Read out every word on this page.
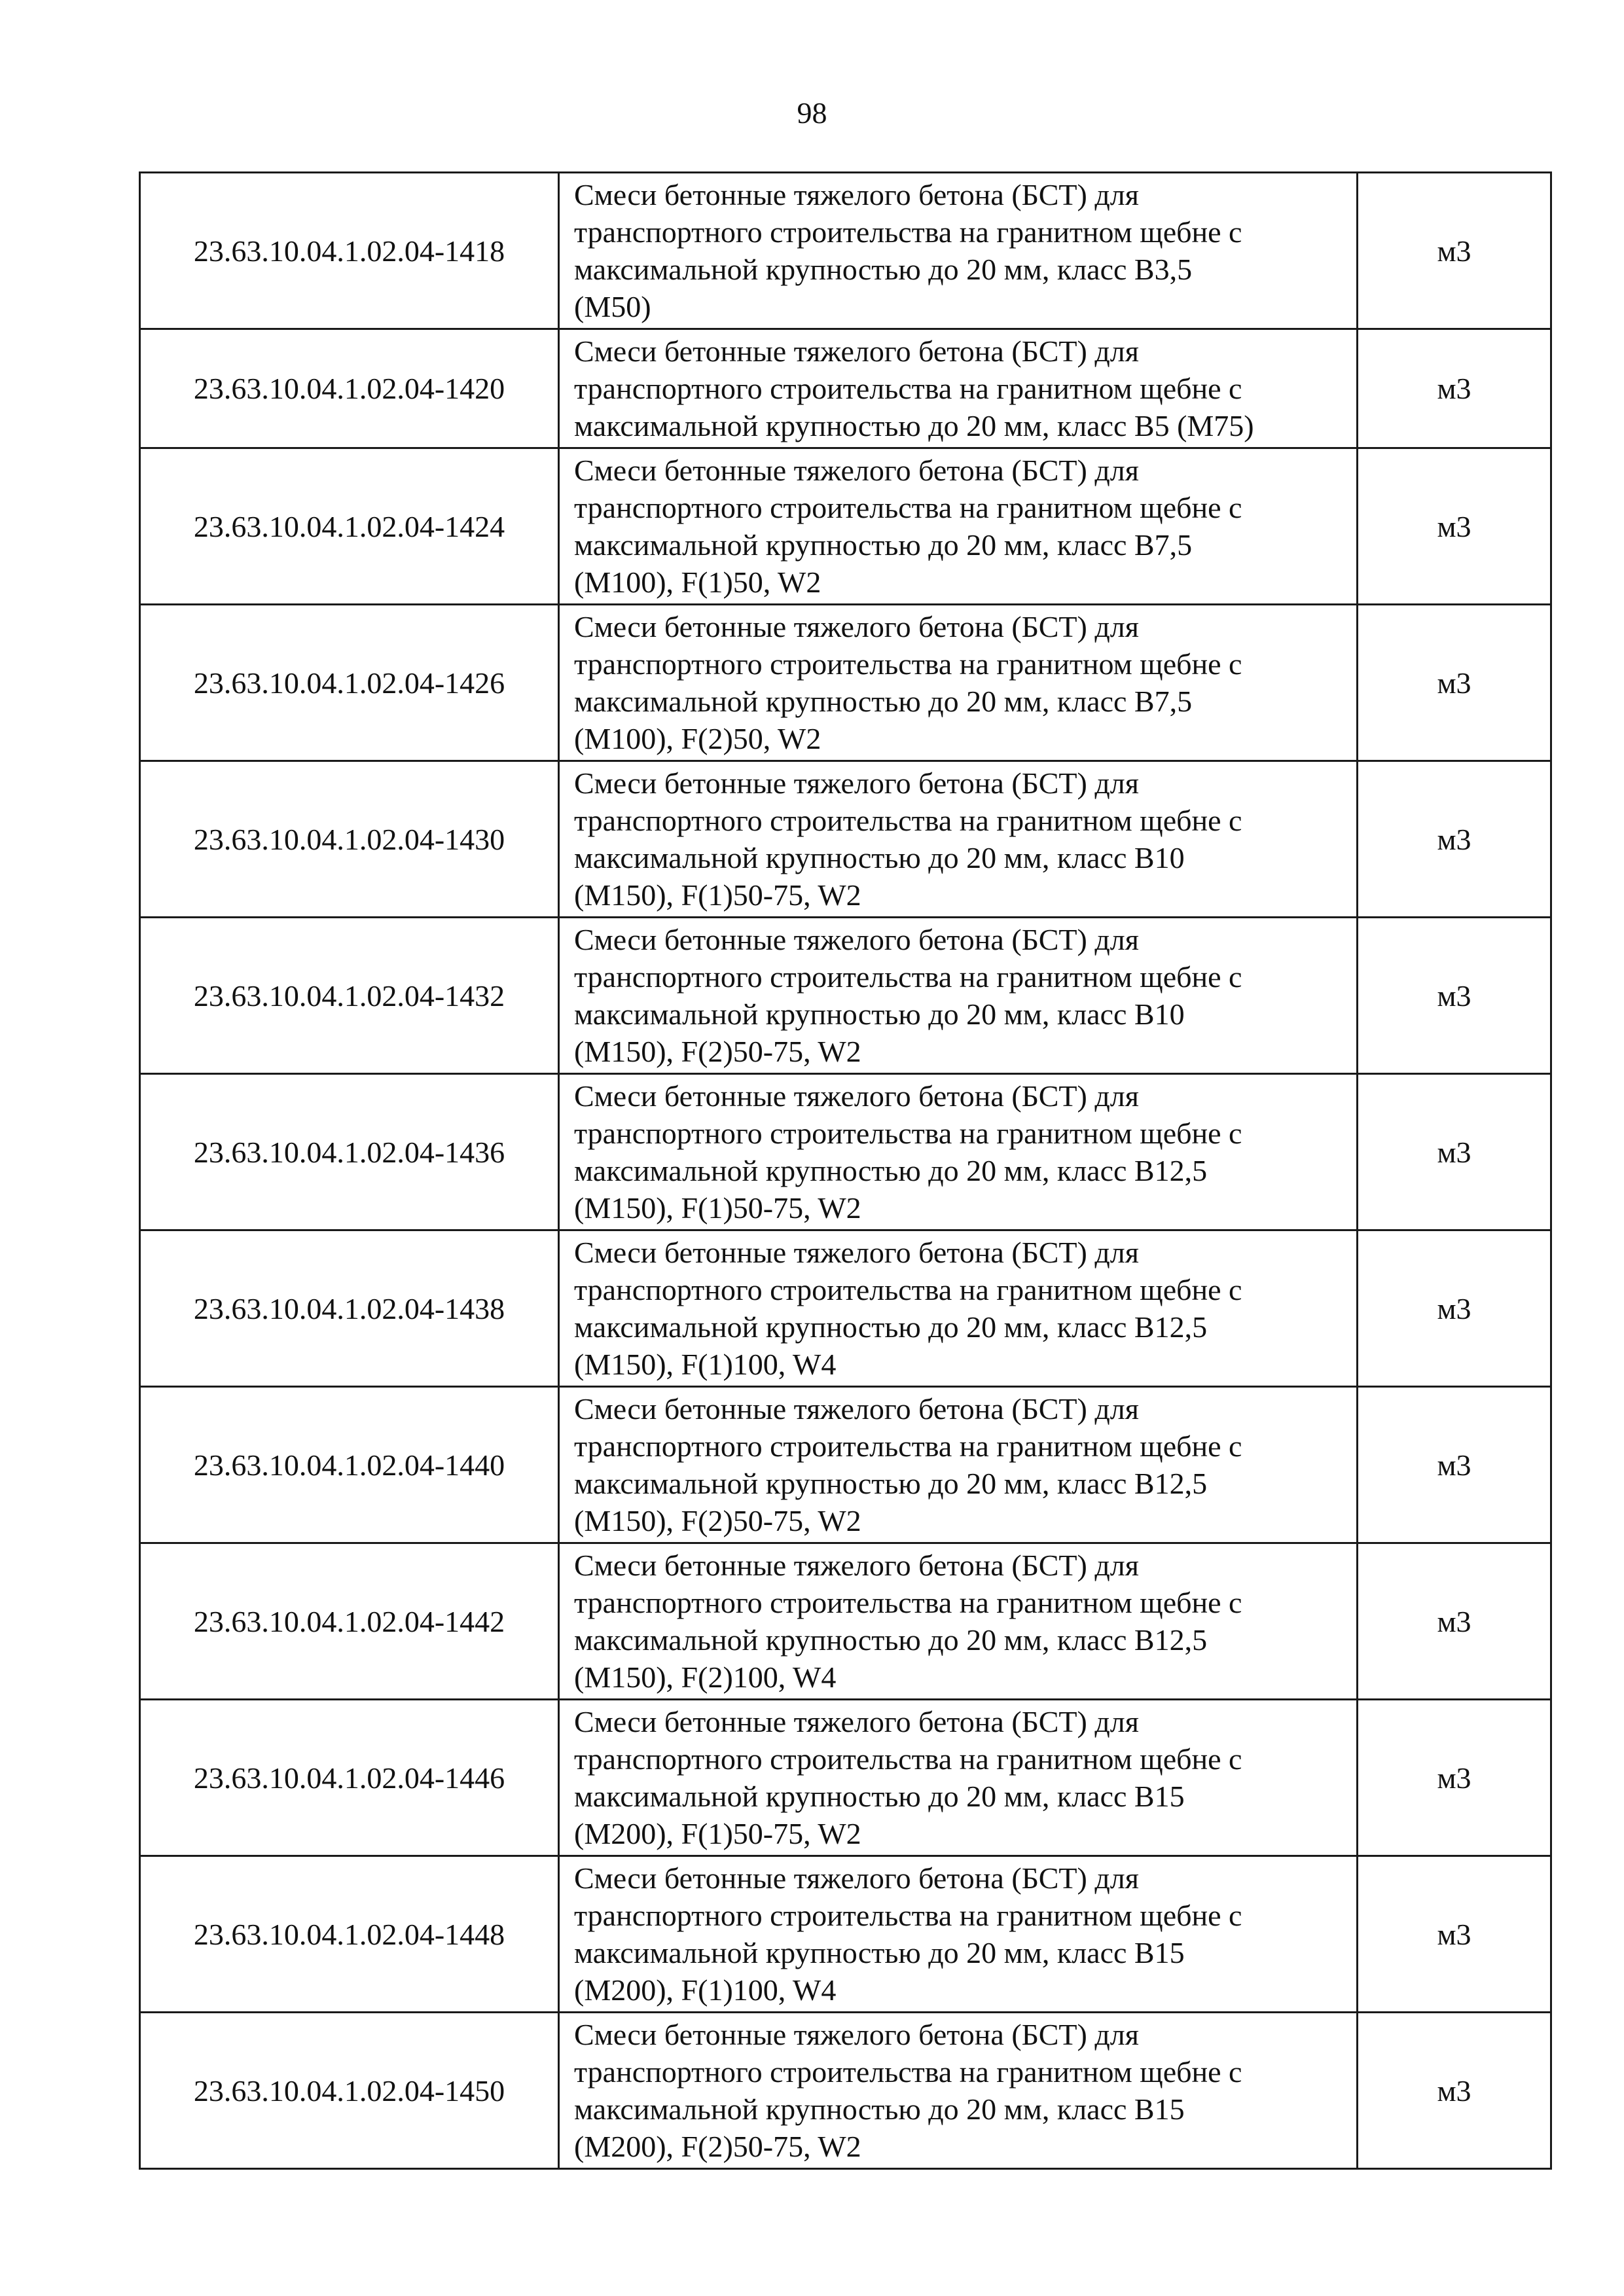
98
23.63.10.04.1.02.04-1418	Смеси бетонные тяжелого бетона (БСТ) для
транспортного строительства на гранитном щебне с
максимальной крупностью до 20 мм, класс В3,5
(М50)	м3
23.63.10.04.1.02.04-1420	Смеси бетонные тяжелого бетона (БСТ) для
транспортного строительства на гранитном щебне с
максимальной крупностью до 20 мм, класс В5 (М75)	м3
23.63.10.04.1.02.04-1424	Смеси бетонные тяжелого бетона (БСТ) для
транспортного строительства на гранитном щебне с
максимальной крупностью до 20 мм, класс В7,5
(М100), F(1)50, W2	м3
23.63.10.04.1.02.04-1426	Смеси бетонные тяжелого бетона (БСТ) для
транспортного строительства на гранитном щебне с
максимальной крупностью до 20 мм, класс В7,5
(М100), F(2)50, W2	м3
23.63.10.04.1.02.04-1430	Смеси бетонные тяжелого бетона (БСТ) для
транспортного строительства на гранитном щебне с
максимальной крупностью до 20 мм, класс В10
(М150), F(1)50-75, W2	м3
23.63.10.04.1.02.04-1432	Смеси бетонные тяжелого бетона (БСТ) для
транспортного строительства на гранитном щебне с
максимальной крупностью до 20 мм, класс В10
(М150), F(2)50-75, W2	м3
23.63.10.04.1.02.04-1436	Смеси бетонные тяжелого бетона (БСТ) для
транспортного строительства на гранитном щебне с
максимальной крупностью до 20 мм, класс В12,5
(М150), F(1)50-75, W2	м3
23.63.10.04.1.02.04-1438	Смеси бетонные тяжелого бетона (БСТ) для
транспортного строительства на гранитном щебне с
максимальной крупностью до 20 мм, класс В12,5
(М150), F(1)100, W4	м3
23.63.10.04.1.02.04-1440	Смеси бетонные тяжелого бетона (БСТ) для
транспортного строительства на гранитном щебне с
максимальной крупностью до 20 мм, класс В12,5
(М150), F(2)50-75, W2	м3
23.63.10.04.1.02.04-1442	Смеси бетонные тяжелого бетона (БСТ) для
транспортного строительства на гранитном щебне с
максимальной крупностью до 20 мм, класс В12,5
(М150), F(2)100, W4	м3
23.63.10.04.1.02.04-1446	Смеси бетонные тяжелого бетона (БСТ) для
транспортного строительства на гранитном щебне с
максимальной крупностью до 20 мм, класс В15
(М200), F(1)50-75, W2	м3
23.63.10.04.1.02.04-1448	Смеси бетонные тяжелого бетона (БСТ) для
транспортного строительства на гранитном щебне с
максимальной крупностью до 20 мм, класс В15
(М200), F(1)100, W4	м3
23.63.10.04.1.02.04-1450	Смеси бетонные тяжелого бетона (БСТ) для
транспортного строительства на гранитном щебне с
максимальной крупностью до 20 мм, класс В15
(М200), F(2)50-75, W2	м3
